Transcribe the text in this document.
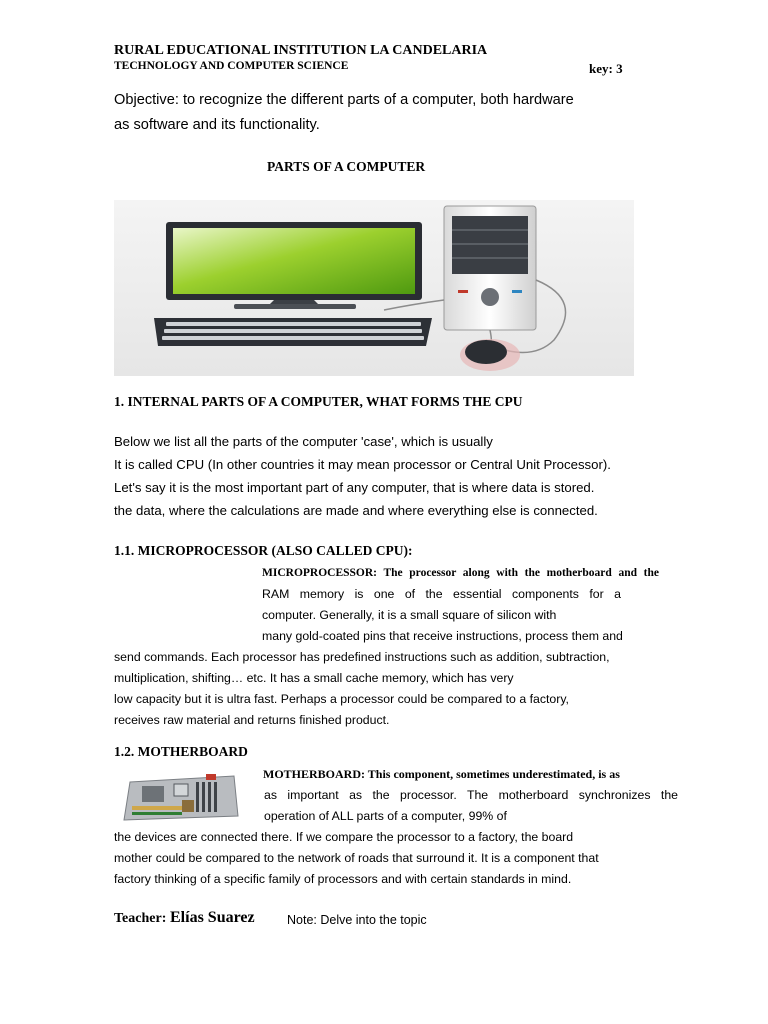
RURAL EDUCATIONAL INSTITUTION LA CANDELARIA

TECHNOLOGY AND COMPUTER SCIENCE	key: 3

Objective: to recognize the different parts of a computer, both hardware

as software and its functionality.

PARTS OF A COMPUTER

1. INTERNAL PARTS OF A COMPUTER, WHAT FORMS THE CPU

Below we list all the parts of the computer 'case', which is usually

It is called CPU (In other countries it may mean processor or Central Unit Processor).

Let's say it is the most important part of any computer, that is where data is stored.

the data, where the calculations are made and where everything else is connected.

1.1. MICROPROCESSOR (ALSO CALLED CPU):

MICROPROCESSOR: The processor along with the motherboard and the

RAM memory is one of the essential components for a

computer. Generally, it is a small square of silicon with

many gold-coated pins that receive instructions, process them and

send commands. Each processor has predefined instructions such as addition, subtraction,

multiplication, shifting… etc. It has a small cache memory, which has very

low capacity but it is ultra fast. Perhaps a processor could be compared to a factory,

receives raw material and returns finished product.

1.2. MOTHERBOARD

MOTHERBOARD: This component, sometimes underestimated, is as

as important as the processor. The motherboard synchronizes the

operation of ALL parts of a computer, 99% of

the devices are connected there. If we compare the processor to a factory, the board

mother could be compared to the network of roads that surround it. It is a component that

factory thinking of a specific family of processors and with certain standards in mind.

Teacher: Elías Suarez	Note: Delve into the topic
